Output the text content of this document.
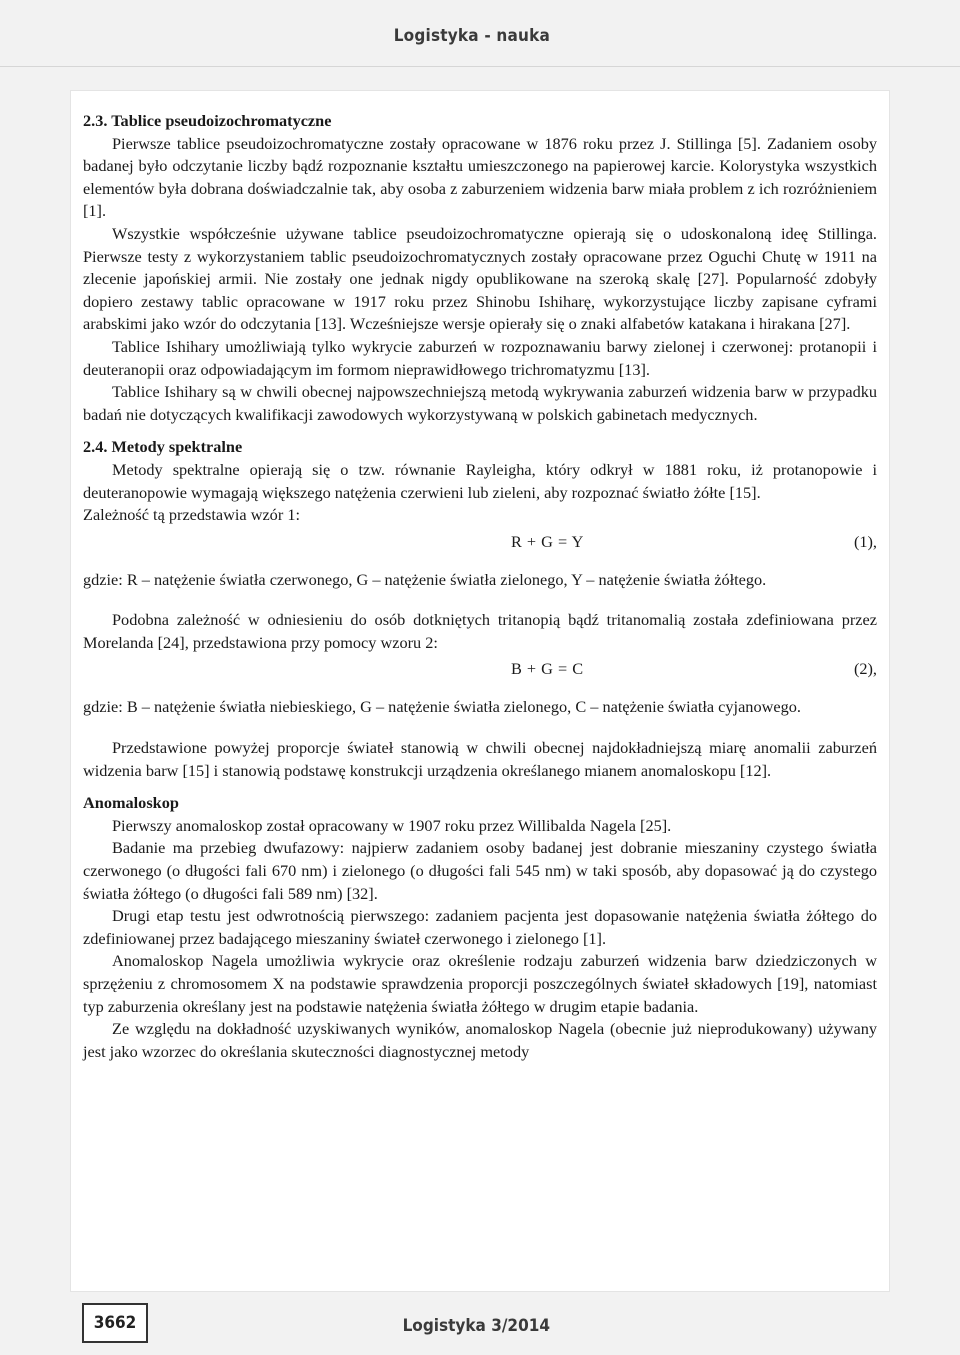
Logistyka - nauka
2.3. Tablice pseudoizochromatyczne

Pierwsze tablice pseudoizochromatyczne zostały opracowane w 1876 roku przez J. Stillinga [5]. Zadaniem osoby badanej było odczytanie liczby bądź rozpoznanie kształtu umieszczonego na papierowej karcie. Kolorystyka wszystkich elementów była dobrana doświadczalnie tak, aby osoba z zaburzeniem widzenia barw miała problem z ich rozróżnieniem [1].

Wszystkie współcześnie używane tablice pseudoizochromatyczne opierają się o udoskonaloną ideę Stillinga. Pierwsze testy z wykorzystaniem tablic pseudoizochromatycznych zostały opracowane przez Oguchi Chutę w 1911 na zlecenie japońskiej armii. Nie zostały one jednak nigdy opublikowane na szeroką skalę [27]. Popularność zdobyły dopiero zestawy tablic opracowane w 1917 roku przez Shinobu Ishiharę, wykorzystujące liczby zapisane cyframi arabskimi jako wzór do odczytania [13]. Wcześniejsze wersje opierały się o znaki alfabetów katakana i hirakana [27].

Tablice Ishihary umożliwiają tylko wykrycie zaburzeń w rozpoznawaniu barwy zielonej i czerwonej: protanopii i deuteranopii oraz odpowiadającym im formom nieprawidłowego trichromatyzmu [13].

Tablice Ishihary są w chwili obecnej najpowszechniejszą metodą wykrywania zaburzeń widzenia barw w przypadku badań nie dotyczących kwalifikacji zawodowych wykorzystywaną w polskich gabinetach medycznych.

2.4. Metody spektralne

Metody spektralne opierają się o tzw. równanie Rayleigha, który odkrył w 1881 roku, iż protanopowie i deuteranopowie wymagają większego natężenia czerwieni lub zieleni, aby rozpoznać światło żółte [15].

Zależność tą przedstawia wzór 1:

R + G = Y	(1),

gdzie: R – natężenie światła czerwonego, G – natężenie światła zielonego, Y – natężenie światła żółtego.

Podobna zależność w odniesieniu do osób dotkniętych tritanopią bądź tritanomalią została zdefiniowana przez Morelanda [24], przedstawiona przy pomocy wzoru 2:

B + G = C	(2),

gdzie: B – natężenie światła niebieskiego, G – natężenie światła zielonego, C – natężenie światła cyjanowego.

Przedstawione powyżej proporcje świateł stanowią w chwili obecnej najdokładniejszą miarę anomalii zaburzeń widzenia barw [15] i stanowią podstawę konstrukcji urządzenia określanego mianem anomaloskopu [12].

Anomaloskop

Pierwszy anomaloskop został opracowany w 1907 roku przez Willibalda Nagela [25].

Badanie ma przebieg dwufazowy: najpierw zadaniem osoby badanej jest dobranie mieszaniny czystego światła czerwonego (o długości fali 670 nm) i zielonego (o długości fali 545 nm) w taki sposób, aby dopasować ją do czystego światła żółtego (o długości fali 589 nm) [32].

Drugi etap testu jest odwrotnością pierwszego: zadaniem pacjenta jest dopasowanie natężenia światła żółtego do zdefiniowanej przez badającego mieszaniny świateł czerwonego i zielonego [1].

Anomaloskop Nagela umożliwia wykrycie oraz określenie rodzaju zaburzeń widzenia barw dziedziczonych w sprzężeniu z chromosomem X na podstawie sprawdzenia proporcji poszczególnych świateł składowych [19], natomiast typ zaburzenia określany jest na podstawie natężenia światła żółtego w drugim etapie badania.

Ze względu na dokładność uzyskiwanych wyników, anomaloskop Nagela (obecnie już nieprodukowany) używany jest jako wzorzec do określania skuteczności diagnostycznej metody

3662	Logistyka 3/2014
